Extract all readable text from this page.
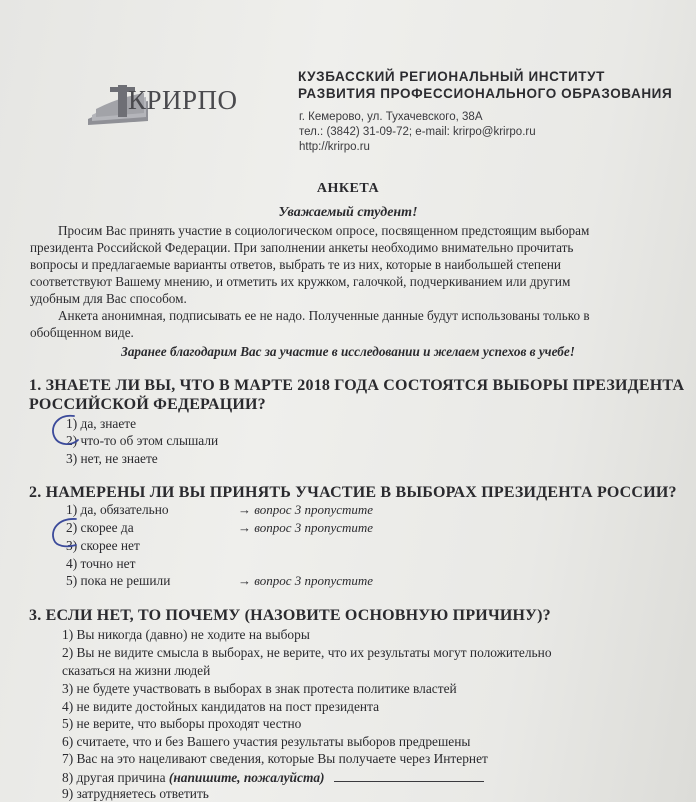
КРИРПО
КУЗБАССКИЙ РЕГИОНАЛЬНЫЙ ИНСТИТУТ
РАЗВИТИЯ ПРОФЕССИОНАЛЬНОГО ОБРАЗОВАНИЯ
г. Кемерово, ул. Тухачевского, 38А
тел.: (3842) 31-09-72; e-mail: krirpo@krirpo.ru
http://krirpo.ru
АНКЕТА
Уважаемый студент!
Просим Вас принять участие в социологическом опросе, посвященном предстоящим выборам
президента Российской Федерации. При заполнении анкеты необходимо внимательно прочитать
вопросы и предлагаемые варианты ответов, выбрать те из них, которые в наибольшей степени
соответствуют Вашему мнению, и отметить их кружком, галочкой, подчеркиванием или другим
удобным для Вас способом.
Анкета анонимная, подписывать ее не надо. Полученные данные будут использованы только в
обобщенном виде.
Заранее благодарим Вас за участие в исследовании и желаем успехов в учебе!
1. ЗНАЕТЕ ЛИ ВЫ, ЧТО В МАРТЕ 2018 ГОДА СОСТОЯТСЯ ВЫБОРЫ ПРЕЗИДЕНТА
РОССИЙСКОЙ ФЕДЕРАЦИИ?
1) да, знаете
2) что-то об этом слышали
3) нет, не знаете
2. НАМЕРЕНЫ ЛИ ВЫ ПРИНЯТЬ УЧАСТИЕ В ВЫБОРАХ ПРЕЗИДЕНТА РОССИИ?
1) да, обязательно	→ вопрос 3 пропустите
2) скорее да	→ вопрос 3 пропустите
3) скорее нет
4) точно нет
5) пока не решили	→ вопрос 3 пропустите
3. ЕСЛИ НЕТ, ТО ПОЧЕМУ (НАЗОВИТЕ ОСНОВНУЮ ПРИЧИНУ)?
1) Вы никогда (давно) не ходите на выборы
2) Вы не видите смысла в выборах, не верите, что их результаты могут положительно
сказаться на жизни людей
3) не будете участвовать в выборах в знак протеста политике властей
4) не видите достойных кандидатов на пост президента
5) не верите, что выборы проходят честно
6) считаете, что и без Вашего участия результаты выборов предрешены
7) Вас на это нацеливают сведения, которые Вы получаете через Интернет
8) другая причина (напишите, пожалуйста)
9) затрудняетесь ответить
